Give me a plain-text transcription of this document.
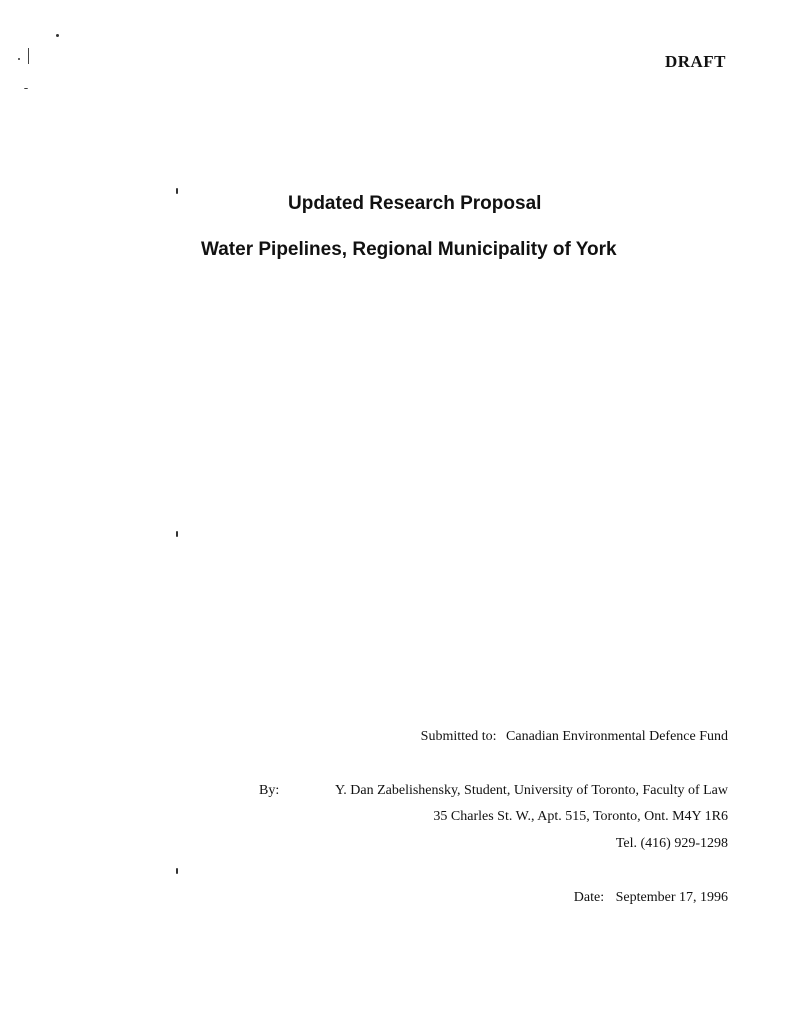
DRAFT
Updated Research Proposal
Water Pipelines, Regional Municipality of York
Submitted to: Canadian Environmental Defence Fund
By:	Y. Dan Zabelishensky, Student, University of Toronto, Faculty of Law
35 Charles St. W., Apt. 515, Toronto, Ont. M4Y 1R6
Tel. (416) 929-1298
Date: September 17, 1996
